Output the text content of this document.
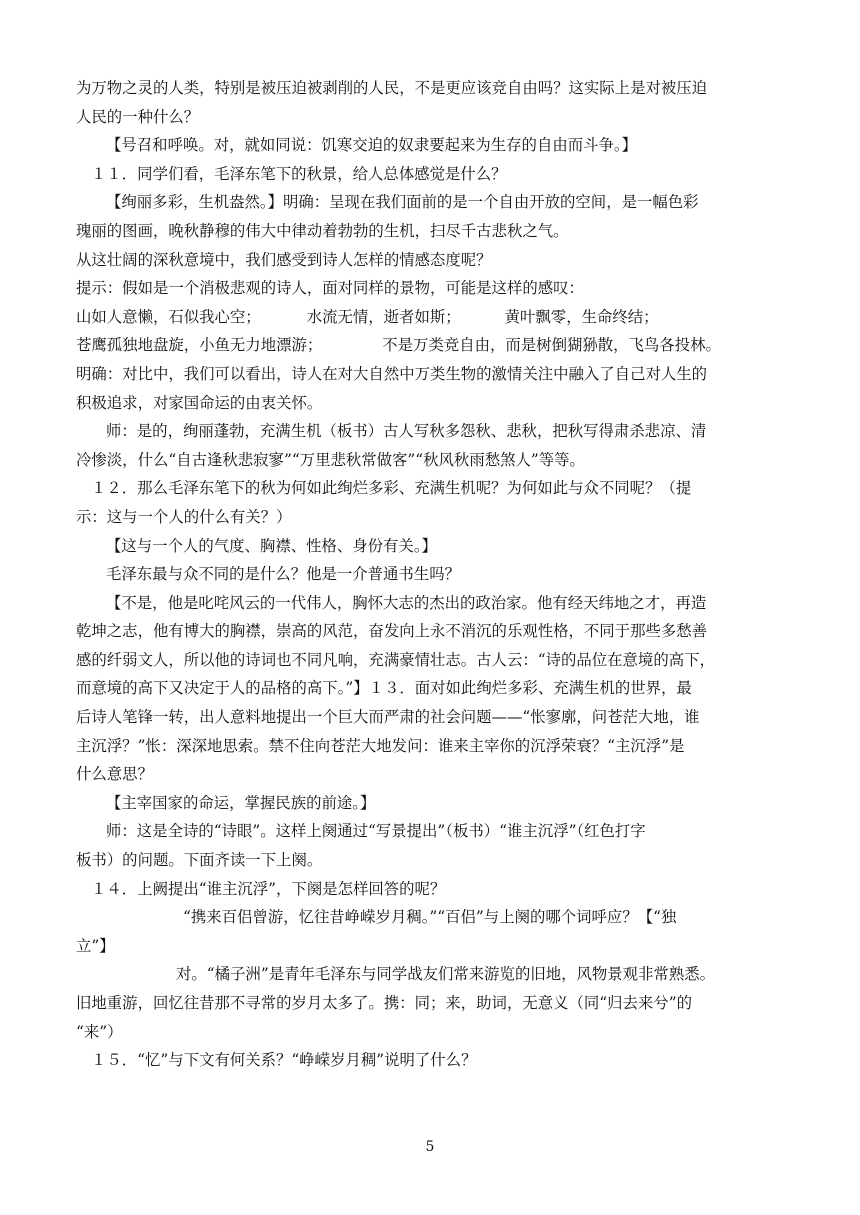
为万物之灵的人类，特别是被压迫被剥削的人民，不是更应该竞自由吗？这实际上是对被压迫

人民的一种什么？

【号召和呼唤。对，就如同说：饥寒交迫的奴隶要起来为生存的自由而斗争。】

１１．同学们看，毛泽东笔下的秋景，给人总体感觉是什么？

【绚丽多彩，生机盎然。】明确：呈现在我们面前的是一个自由开放的空间，是一幅色彩

瑰丽的图画，晚秋静穆的伟大中律动着勃勃的生机，扫尽千古悲秋之气。

从这壮阔的深秋意境中，我们感受到诗人怎样的情感态度呢？

提示：假如是一个消极悲观的诗人，面对同样的景物，可能是这样的感叹：

山如人意懒，石似我心空；	水流无情，逝者如斯；	黄叶飘零，生命终结；

苍鹰孤独地盘旋，小鱼无力地漂游；	不是万类竞自由，而是树倒猢狲散，飞鸟各投林。

明确：对比中，我们可以看出，诗人在对大自然中万类生物的激情关注中融入了自己对人生的

积极追求，对家国命运的由衷关怀。

师：是的，绚丽蓬勃，充满生机（板书）古人写秋多怨秋、悲秋，把秋写得肃杀悲凉、清

冷惨淡，什么“自古逢秋悲寂寥”“万里悲秋常做客”“秋风秋雨愁煞人”等等。

１２．那么毛泽东笔下的秋为何如此绚烂多彩、充满生机呢？为何如此与众不同呢？（提

示：这与一个人的什么有关？）

【这与一个人的气度、胸襟、性格、身份有关。】

毛泽东最与众不同的是什么？他是一介普通书生吗？

【不是，他是叱咤风云的一代伟人，胸怀大志的杰出的政治家。他有经天纬地之才，再造

乾坤之志，他有博大的胸襟，崇高的风范，奋发向上永不消沉的乐观性格，不同于那些多愁善

感的纤弱文人，所以他的诗词也不同凡响，充满豪情壮志。古人云：“诗的品位在意境的高下，

而意境的高下又决定于人的品格的高下。”】１３．面对如此绚烂多彩、充满生机的世界，最

后诗人笔锋一转，出人意料地提出一个巨大而严肃的社会问题——“怅寥廓，问苍茫大地，谁

主沉浮？”怅：深深地思索。禁不住向苍茫大地发问：谁来主宰你的沉浮荣衰？“主沉浮”是

什么意思？

【主宰国家的命运，掌握民族的前途。】

师：这是全诗的“诗眼”。这样上阕通过“写景提出”（板书）“谁主沉浮”（红色打字

板书）的问题。下面齐读一下上阕。

１４．上阙提出“谁主沉浮”，下阕是怎样回答的呢？

“携来百侣曾游，忆往昔峥嵘岁月稠。”“百侣”与上阕的哪个词呼应？【“独

立”】

对。“橘子洲”是青年毛泽东与同学战友们常来游览的旧地，风物景观非常熟悉。

旧地重游，回忆往昔那不寻常的岁月太多了。携：同；来，助词，无意义（同“归去来兮”的

“来”）

１５．“忆”与下文有何关系？“峥嵘岁月稠”说明了什么？

5
